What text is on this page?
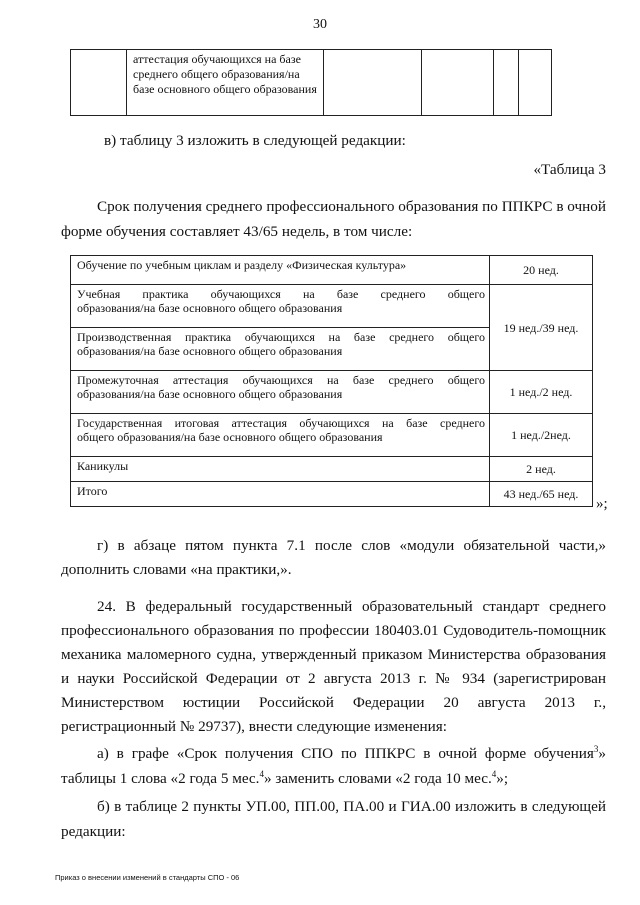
30

аттестация обучающихся на базе среднего общего образования/на базе основного общего образования

в) таблицу 3 изложить в следующей редакции:
«Таблица 3
Срок получения среднего профессионального образования по ППКРС в очной
форме обучения составляет 43/65 недель, в том числе:
Обучение по учебным циклам и разделу «Физическая культура»	20 нед.

Учебная практика обучающихся на базе среднего общего
образования/на базе основного общего образования	19 нед./39 нед.

Производственная практика обучающихся на базе среднего общего
образования/на базе основного общего образования	

Промежуточная аттестация обучающихся на базе среднего общего
образования/на базе основного общего образования	1 нед./2 нед.

Государственная итоговая аттестация обучающихся на базе среднего
общего образования/на базе основного общего образования	1 нед./2нед.
Каникулы	2 нед.
Итого	43 нед./65 нед.
»;
г) в абзаце пятом пункта 7.1 после слов «модули обязательной части,»
дополнить словами «на практики,».
24. В федеральный государственный образовательный стандарт среднего
профессионального образования по профессии 180403.01 Судоводитель-помощник
механика маломерного судна, утвержденный приказом Министерства образования
и науки Российской Федерации от 2 августа 2013 г. № 934 (зарегистрирован
Министерством юстиции Российской Федерации 20 августа 2013 г.,
регистрационный № 29737), внести следующие изменения:
а) в графе «Срок получения СПО по ППКРС в очной форме обучения$^3$»
таблицы 1 слова «2 года 5 мес.$^4$» заменить словами «2 года 10 мес.$^4$»;
б) в таблице 2 пункты УП.00, ПП.00, ПА.00 и ГИА.00 изложить в следующей
редакции:
Приказ о внесении изменений в стандарты СПО - 06
